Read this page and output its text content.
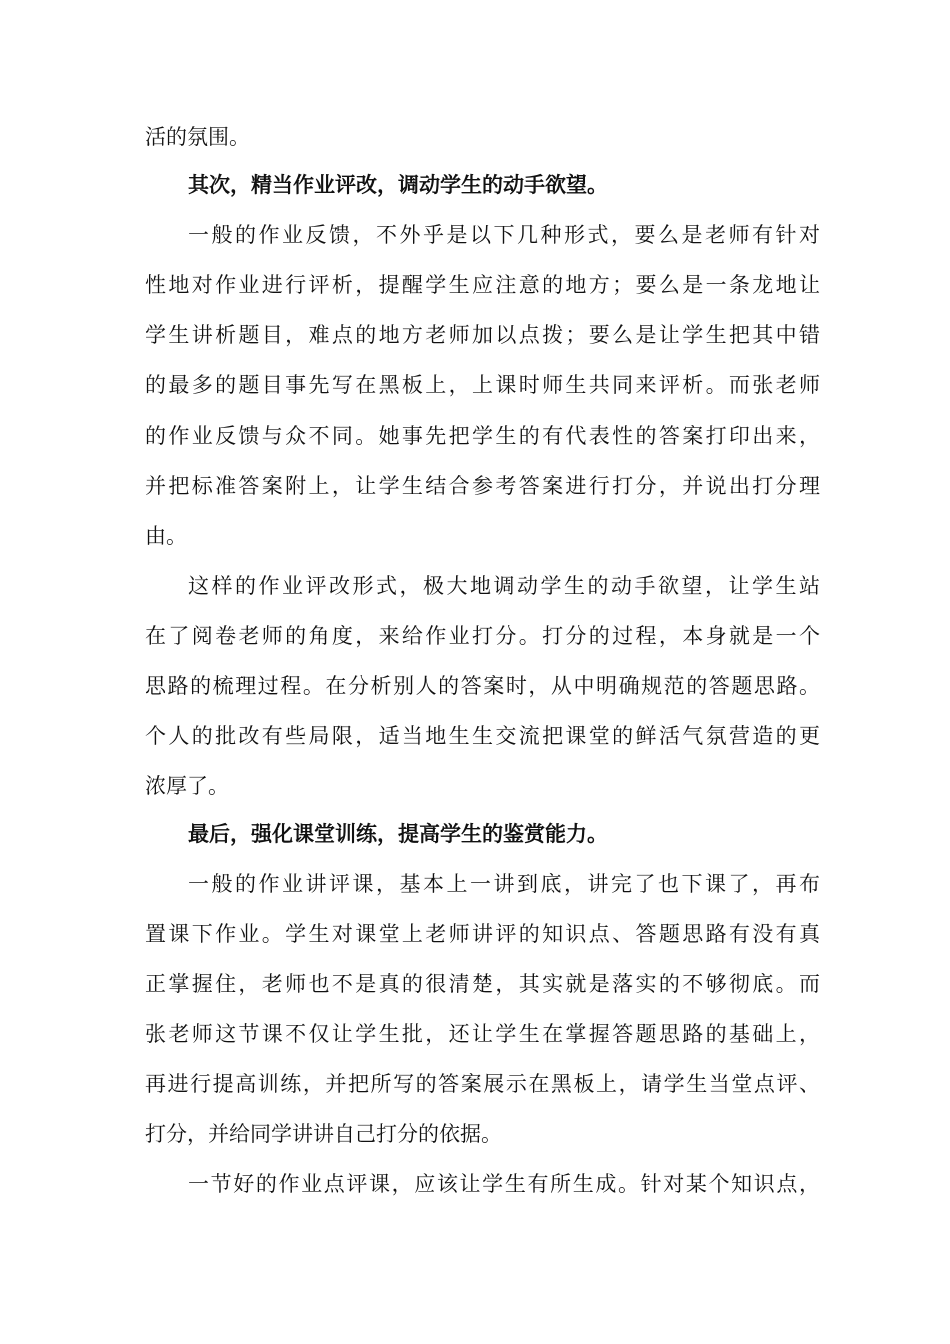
活的氛围。
其次，精当作业评改，调动学生的动手欲望。
一般的作业反馈，不外乎是以下几种形式，要么是老师有针对
性地对作业进行评析，提醒学生应注意的地方；要么是一条龙地让
学生讲析题目，难点的地方老师加以点拨；要么是让学生把其中错
的最多的题目事先写在黑板上，上课时师生共同来评析。而张老师
的作业反馈与众不同。她事先把学生的有代表性的答案打印出来，
并把标准答案附上，让学生结合参考答案进行打分，并说出打分理
由。
这样的作业评改形式，极大地调动学生的动手欲望，让学生站
在了阅卷老师的角度，来给作业打分。打分的过程，本身就是一个
思路的梳理过程。在分析别人的答案时，从中明确规范的答题思路。
个人的批改有些局限，适当地生生交流把课堂的鲜活气氛营造的更
浓厚了。
最后，强化课堂训练，提高学生的鉴赏能力。
一般的作业讲评课，基本上一讲到底，讲完了也下课了，再布
置课下作业。学生对课堂上老师讲评的知识点、答题思路有没有真
正掌握住，老师也不是真的很清楚，其实就是落实的不够彻底。而
张老师这节课不仅让学生批，还让学生在掌握答题思路的基础上，
再进行提高训练，并把所写的答案展示在黑板上，请学生当堂点评、
打分，并给同学讲讲自己打分的依据。
一节好的作业点评课，应该让学生有所生成。针对某个知识点，
